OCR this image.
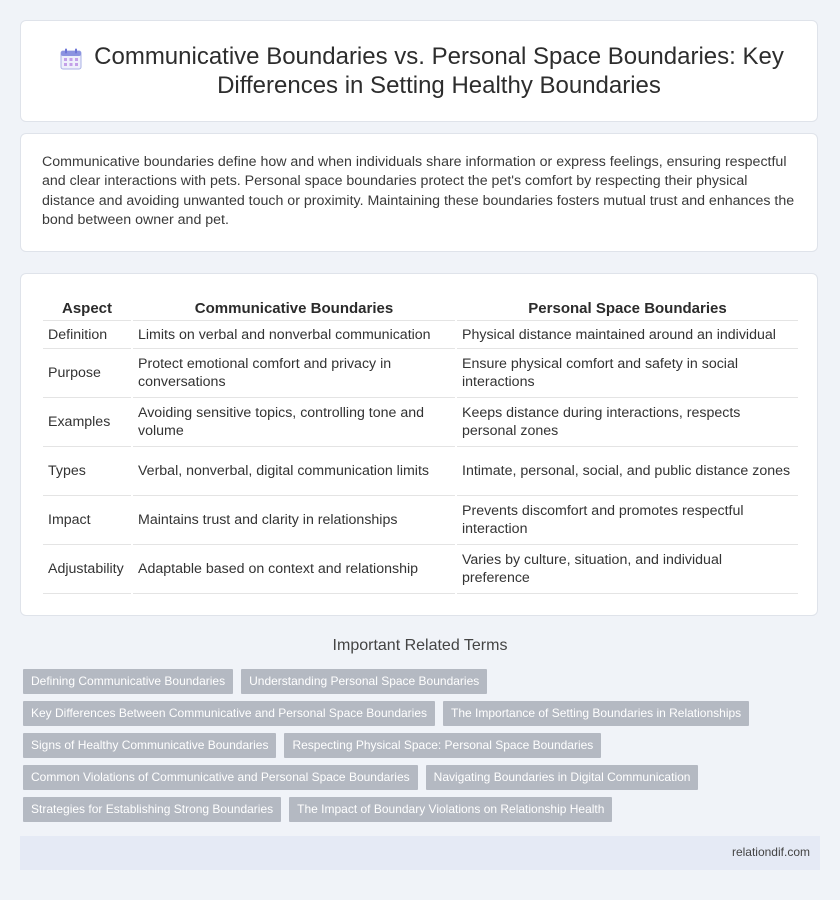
Communicative Boundaries vs. Personal Space Boundaries: Key Differences in Setting Healthy Boundaries

Communicative boundaries define how and when individuals share information or express feelings, ensuring respectful and clear interactions with pets. Personal space boundaries protect the pet's comfort by respecting their physical distance and avoiding unwanted touch or proximity. Maintaining these boundaries fosters mutual trust and enhances the bond between owner and pet.

Aspect	Communicative Boundaries	Personal Space Boundaries
Definition	Limits on verbal and nonverbal communication	Physical distance maintained around an individual
Purpose	Protect emotional comfort and privacy in conversations	Ensure physical comfort and safety in social interactions
Examples	Avoiding sensitive topics, controlling tone and volume	Keeps distance during interactions, respects personal zones
Types	Verbal, nonverbal, digital communication limits	Intimate, personal, social, and public distance zones
Impact	Maintains trust and clarity in relationships	Prevents discomfort and promotes respectful interaction
Adjustability	Adaptable based on context and relationship	Varies by culture, situation, and individual preference
Important Related Terms
Defining Communicative Boundaries	Understanding Personal Space Boundaries
Key Differences Between Communicative and Personal Space Boundaries	The Importance of Setting Boundaries in Relationships
Signs of Healthy Communicative Boundaries	Respecting Physical Space: Personal Space Boundaries
Common Violations of Communicative and Personal Space Boundaries	Navigating Boundaries in Digital Communication
Strategies for Establishing Strong Boundaries	The Impact of Boundary Violations on Relationship Health
relationdif.com
